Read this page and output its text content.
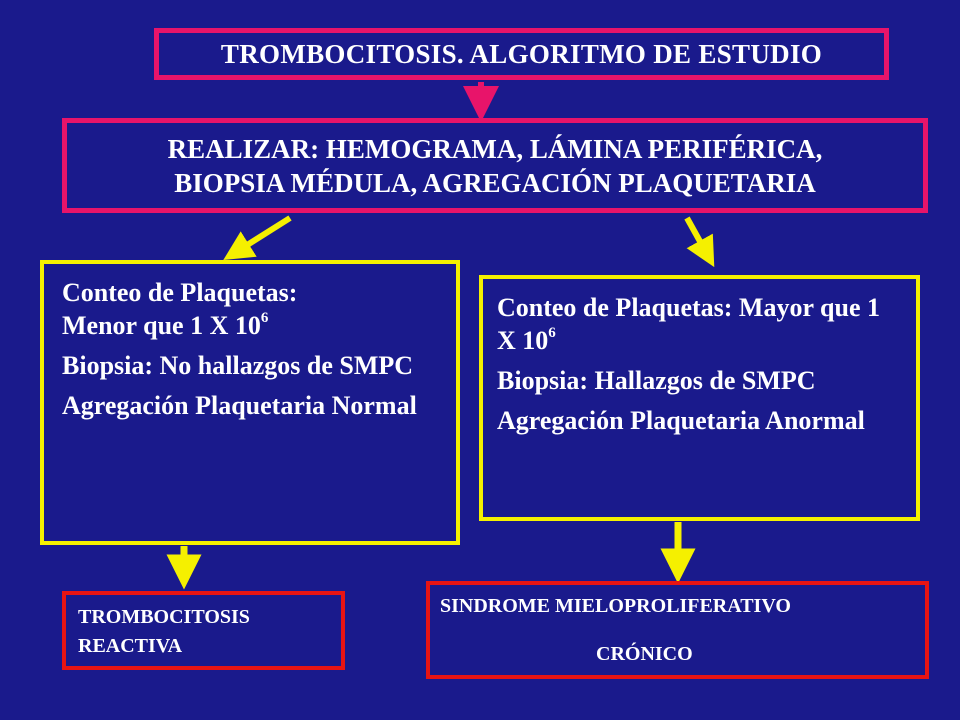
TROMBOCITOSIS. ALGORITMO DE ESTUDIO
REALIZAR: HEMOGRAMA, LÁMINA PERIFÉRICA,
BIOPSIA MÉDULA, AGREGACIÓN PLAQUETARIA

Conteo de Plaquetas:
Menor que 1 X $10^6$

Biopsia: No hallazgos de SMPC

Agregación Plaquetaria Normal

Conteo de Plaquetas: Mayor que 1 X $10^6$

Biopsia: Hallazgos de SMPC

Agregación Plaquetaria Anormal

TROMBOCITOSIS
REACTIVA
SINDROME MIELOPROLIFERATIVO
CRÓNICO
